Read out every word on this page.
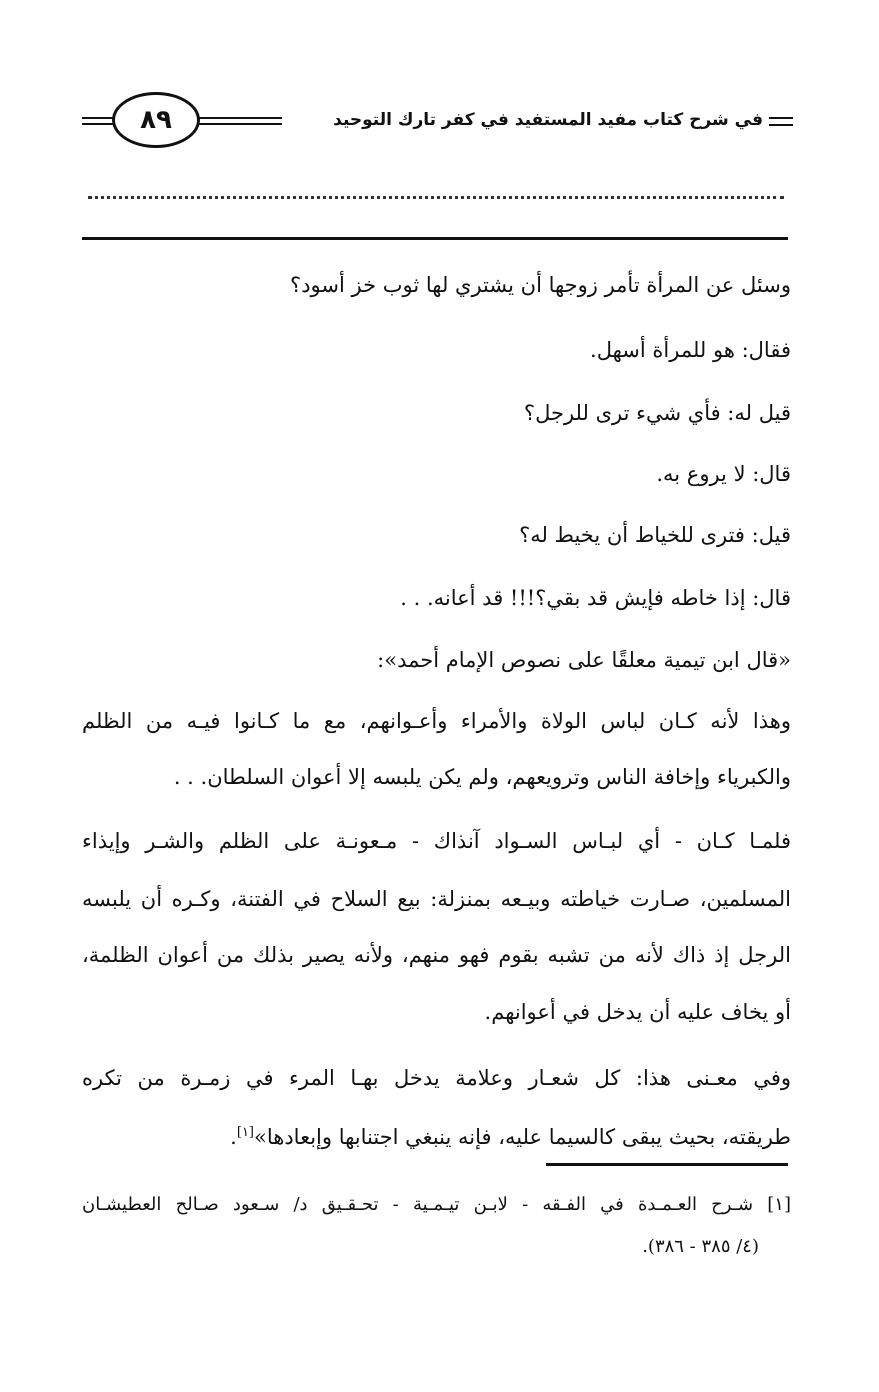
٨٩	في شرح كتاب مفيد المستفيد في كفر تارك التوحيد
وسئل عن المرأة تأمر زوجها أن يشتري لها ثوب خز أسود؟
فقال: هو للمرأة أسهل.
قيل له: فأي شيء ترى للرجل؟
قال: لا يروع به.
قيل: فترى للخياط أن يخيط له؟
قال: إذا خاطه فإيش قد بقي؟!!! قد أعانه. . .
«قال ابن تيمية معلقًا على نصوص الإمام أحمد»:
وهذا لأنه كـان لباس الولاة والأمراء وأعـوانهم، مع ما كـانوا فيـه من الظلم
والكبرياء وإخافة الناس وترويعهم، ولم يكن يلبسه إلا أعوان السلطان. . .
فلمـا كـان - أي لبـاس السـواد آنذاك - مـعونـة على الظلم والشـر وإيذاء
المسلمين، صـارت خياطته وبيـعه بمنزلة: بيع السلاح في الفتنة، وكـره أن يلبسه
الرجل إذ ذاك لأنه من تشبه بقوم فهو منهم، ولأنه يصير بذلك من أعوان الظلمة،
أو يخاف عليه أن يدخل في أعوانهم.
وفي معـنى هذا: كل شعـار وعلامة يدخل بهـا المرء في زمـرة من تكره
طريقته، بحيث يبقى كالسيما عليه، فإنه ينبغي اجتنابها وإبعادها»[١].
[١] شـرح العـمـدة في الفـقه - لابـن تيـمـية - تحـقـيق د/ سـعود صـالح العطيشـان
(٤/ ٣٨٥ - ٣٨٦).
